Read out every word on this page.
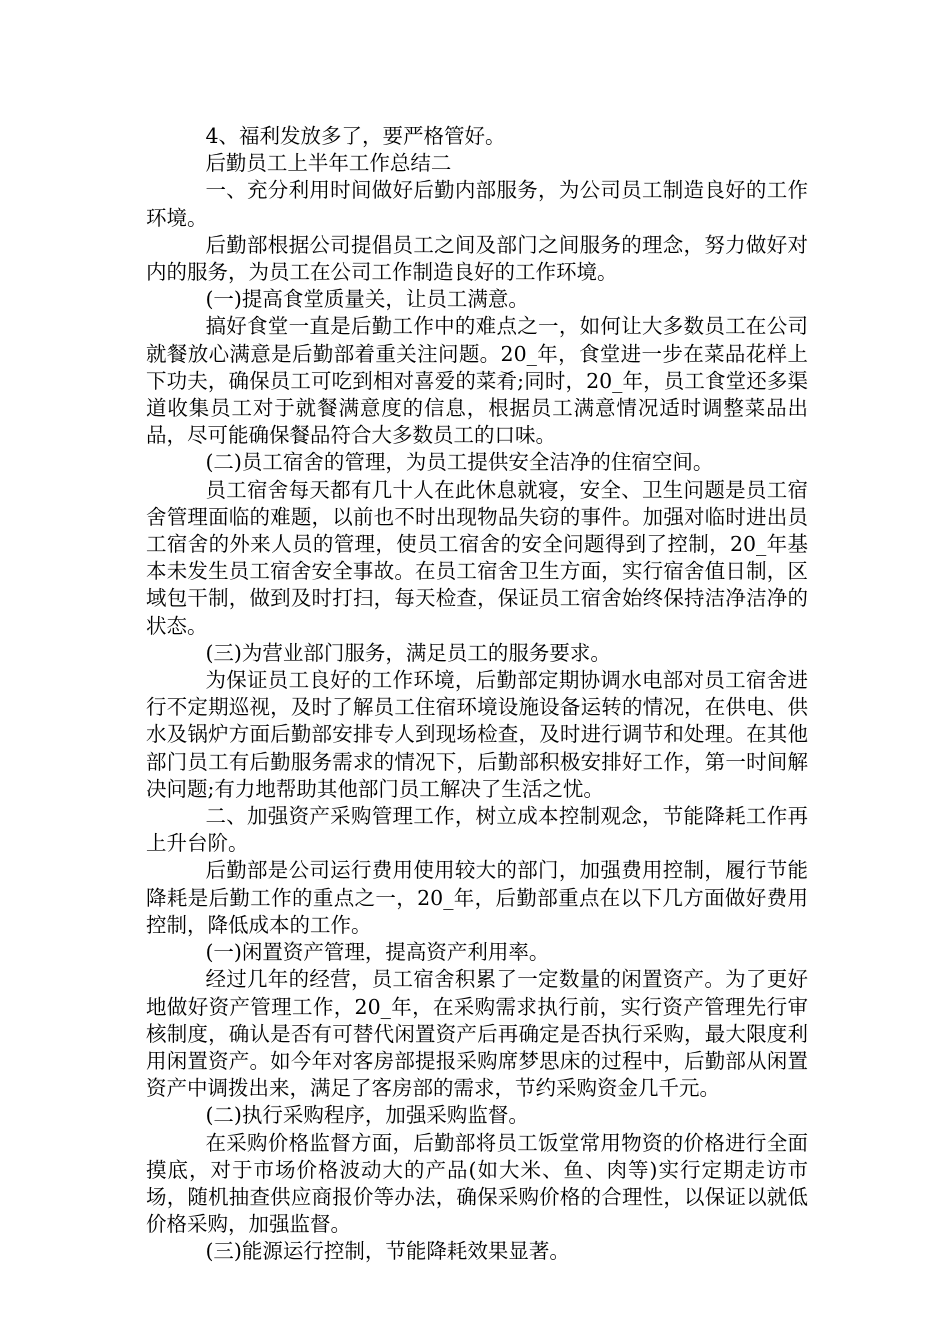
4、福利发放多了，要严格管好。

后勤员工上半年工作总结二

一、充分利用时间做好后勤内部服务，为公司员工制造良好的工作环境。

后勤部根据公司提倡员工之间及部门之间服务的理念，努力做好对内的服务，为员工在公司工作制造良好的工作环境。

(一)提高食堂质量关，让员工满意。

搞好食堂一直是后勤工作中的难点之一，如何让大多数员工在公司就餐放心满意是后勤部着重关注问题。20_年，食堂进一步在菜品花样上下功夫，确保员工可吃到相对喜爱的菜肴;同时，20_年，员工食堂还多渠道收集员工对于就餐满意度的信息，根据员工满意情况适时调整菜品出品，尽可能确保餐品符合大多数员工的口味。

(二)员工宿舍的管理，为员工提供安全洁净的住宿空间。

员工宿舍每天都有几十人在此休息就寝，安全、卫生问题是员工宿舍管理面临的难题，以前也不时出现物品失窃的事件。加强对临时进出员工宿舍的外来人员的管理，使员工宿舍的安全问题得到了控制，20_年基本未发生员工宿舍安全事故。在员工宿舍卫生方面，实行宿舍值日制，区域包干制，做到及时打扫，每天检查，保证员工宿舍始终保持洁净洁净的状态。

(三)为营业部门服务，满足员工的服务要求。

为保证员工良好的工作环境，后勤部定期协调水电部对员工宿舍进行不定期巡视，及时了解员工住宿环境设施设备运转的情况，在供电、供水及锅炉方面后勤部安排专人到现场检查，及时进行调节和处理。在其他部门员工有后勤服务需求的情况下，后勤部积极安排好工作，第一时间解决问题;有力地帮助其他部门员工解决了生活之忧。

二、加强资产采购管理工作，树立成本控制观念，节能降耗工作再上升台阶。

后勤部是公司运行费用使用较大的部门，加强费用控制，履行节能降耗是后勤工作的重点之一，20_年，后勤部重点在以下几方面做好费用控制，降低成本的工作。

(一)闲置资产管理，提高资产利用率。

经过几年的经营，员工宿舍积累了一定数量的闲置资产。为了更好地做好资产管理工作，20_年，在采购需求执行前，实行资产管理先行审核制度，确认是否有可替代闲置资产后再确定是否执行采购，最大限度利用闲置资产。如今年对客房部提报采购席梦思床的过程中，后勤部从闲置资产中调拨出来，满足了客房部的需求，节约采购资金几千元。

(二)执行采购程序，加强采购监督。

在采购价格监督方面，后勤部将员工饭堂常用物资的价格进行全面摸底，对于市场价格波动大的产品(如大米、鱼、肉等)实行定期走访市场，随机抽查供应商报价等办法，确保采购价格的合理性，以保证以就低价格采购，加强监督。

(三)能源运行控制，节能降耗效果显著。
